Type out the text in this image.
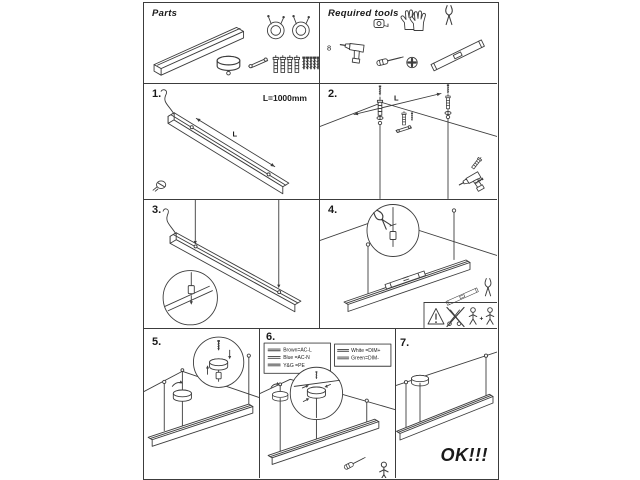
Parts	Required tools
8
1.	L=1000mm
L
2.	L
3.	4.
+
5.	6.
Brown=AC-L
Blue =AC-N
Y&G =PE
White =DIM+
Green=DIM-
7.
OK!!!
